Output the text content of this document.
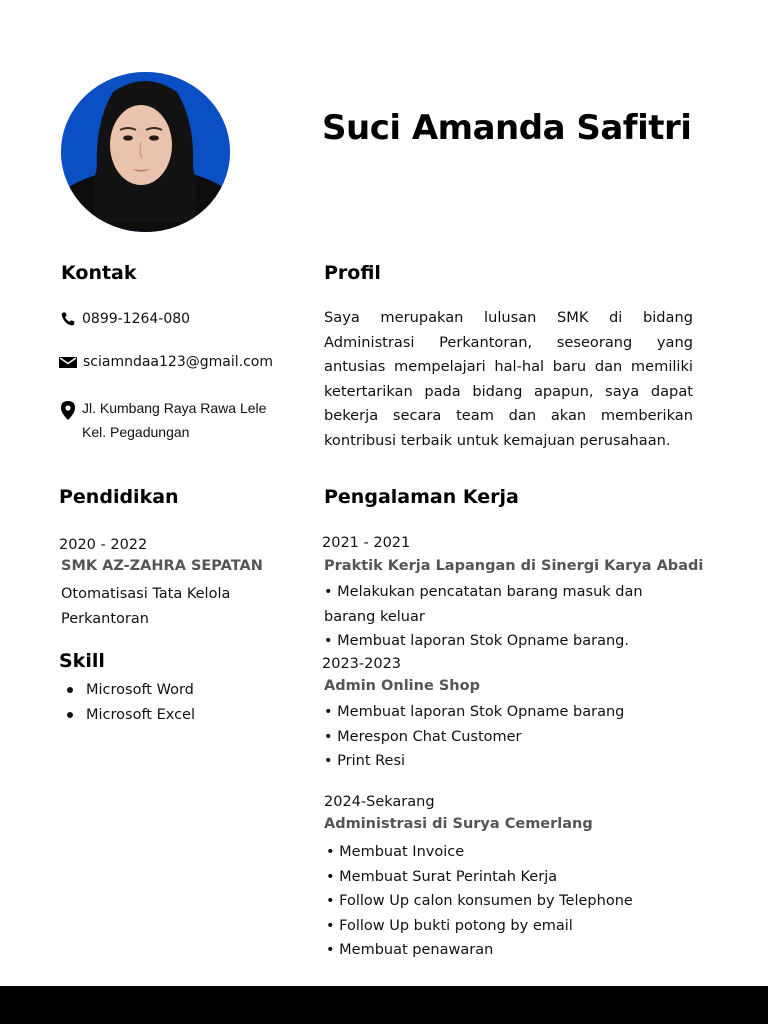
Suci Amanda Safitri
Kontak
0899-1264-080
sciamndaa123@gmail.com
Jl. Kumbang Raya Rawa Lele
Kel. Pegadungan
Pendidikan
2020 - 2022
SMK AZ-ZAHRA SEPATAN
Otomatisasi Tata Kelola
Perkantoran
Skill
Microsoft Word
Microsoft Excel
Profil
Saya merupakan lulusan SMK di bidang Administrasi Perkantoran, seseorang yang antusias mempelajari hal-hal baru dan memiliki ketertarikan pada bidang apapun, saya dapat bekerja secara team dan akan memberikan kontribusi terbaik untuk kemajuan perusahaan.
Pengalaman Kerja
2021 - 2021
Praktik Kerja Lapangan di Sinergi Karya Abadi
• Melakukan pencatatan barang masuk dan
barang keluar
• Membuat laporan Stok Opname barang.
2023-2023
Admin Online Shop
• Membuat laporan Stok Opname barang
• Merespon Chat Customer
• Print Resi
2024-Sekarang
Administrasi di Surya Cemerlang
• Membuat Invoice
• Membuat Surat Perintah Kerja
• Follow Up calon konsumen by Telephone
• Follow Up bukti potong by email
• Membuat penawaran
